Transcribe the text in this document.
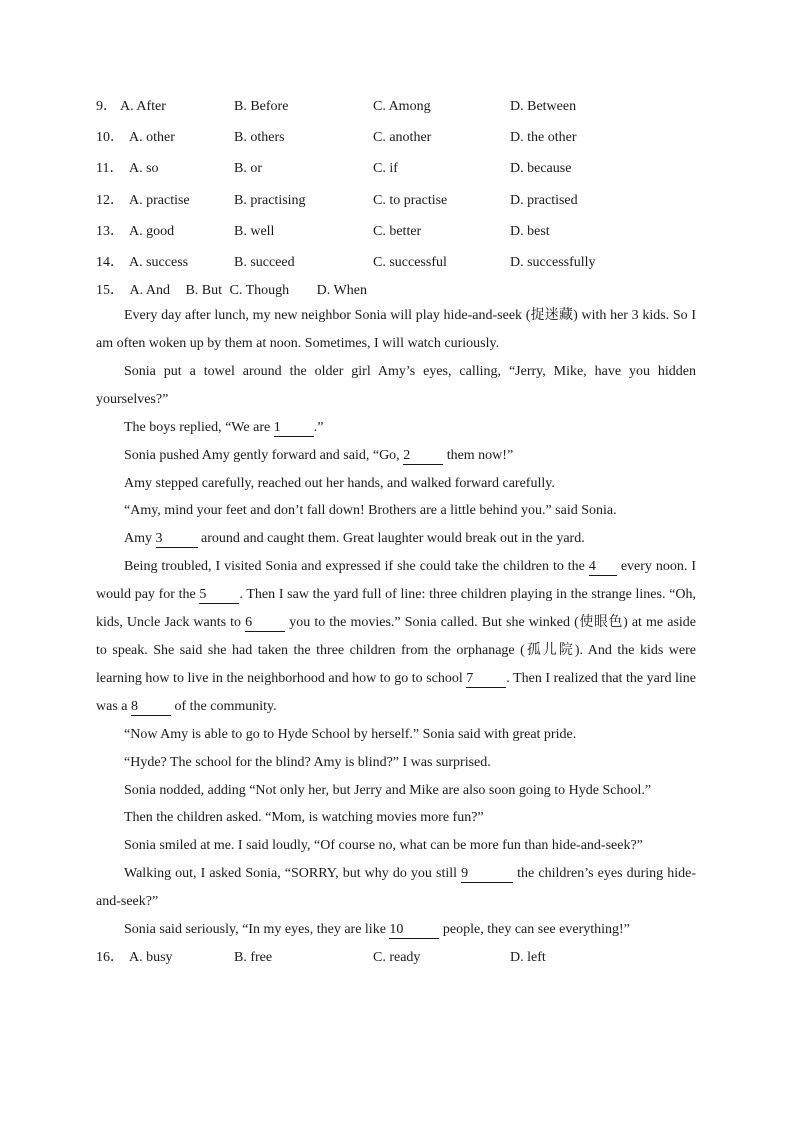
9． A. After	B. Before	C. Among	D. Between
10． A. other	B. others	C. another	D. the other
11． A. so	B. or	C. if	D. because
12． A. practise	B. practising	C. to practise	D. practised
13． A. good	B. well	C. better	D. best
14． A. success	B. succeed	C. successful	D. successfully
15． A. And B. But C. Though D. When

Every day after lunch, my new neighbor Sonia will play hide-and-seek (捉迷藏) with her 3 kids. So I am often woken up by them at noon. Sometimes, I will watch curiously.

Sonia put a towel around the older girl Amy’s eyes, calling, “Jerry, Mike, have you hidden yourselves?”

The boys replied, “We are 1 .”

Sonia pushed Amy gently forward and said, “Go, 2 them now!”

Amy stepped carefully, reached out her hands, and walked forward carefully.

“Amy, mind your feet and don’t fall down! Brothers are a little behind you.” said Sonia.

Amy 3	around and caught them. Great laughter would break out in the yard.

Being troubled, I visited Sonia and expressed if she could take the children to the 4 every noon. I would pay for the 5 . Then I saw the yard full of line: three children playing in the strange lines. “Oh, kids, Uncle Jack wants to 6 you to the movies.” Sonia called. But she winked (使眼色) at me aside to speak. She said she had taken the three children from the orphanage (孤儿院). And the kids were learning how to live in the neighborhood and how to go to school 7 . Then I realized that the yard line was a 8 of the community.

“Now Amy is able to go to Hyde School by herself.” Sonia said with great pride.

“Hyde? The school for the blind? Amy is blind?” I was surprised.

Sonia nodded, adding “Not only her, but Jerry and Mike are also soon going to Hyde School.”

Then the children asked. “Mom, is watching movies more fun?”

Sonia smiled at me. I said loudly, “Of course no, what can be more fun than hide-and-seek?”

Walking out, I asked Sonia, “SORRY, but why do you still 9	the children’s eyes during hide-and-seek?”

Sonia said seriously, “In my eyes, they are like 10	people, they can see everything!”

16． A. busy	B. free	C. ready	D. left
